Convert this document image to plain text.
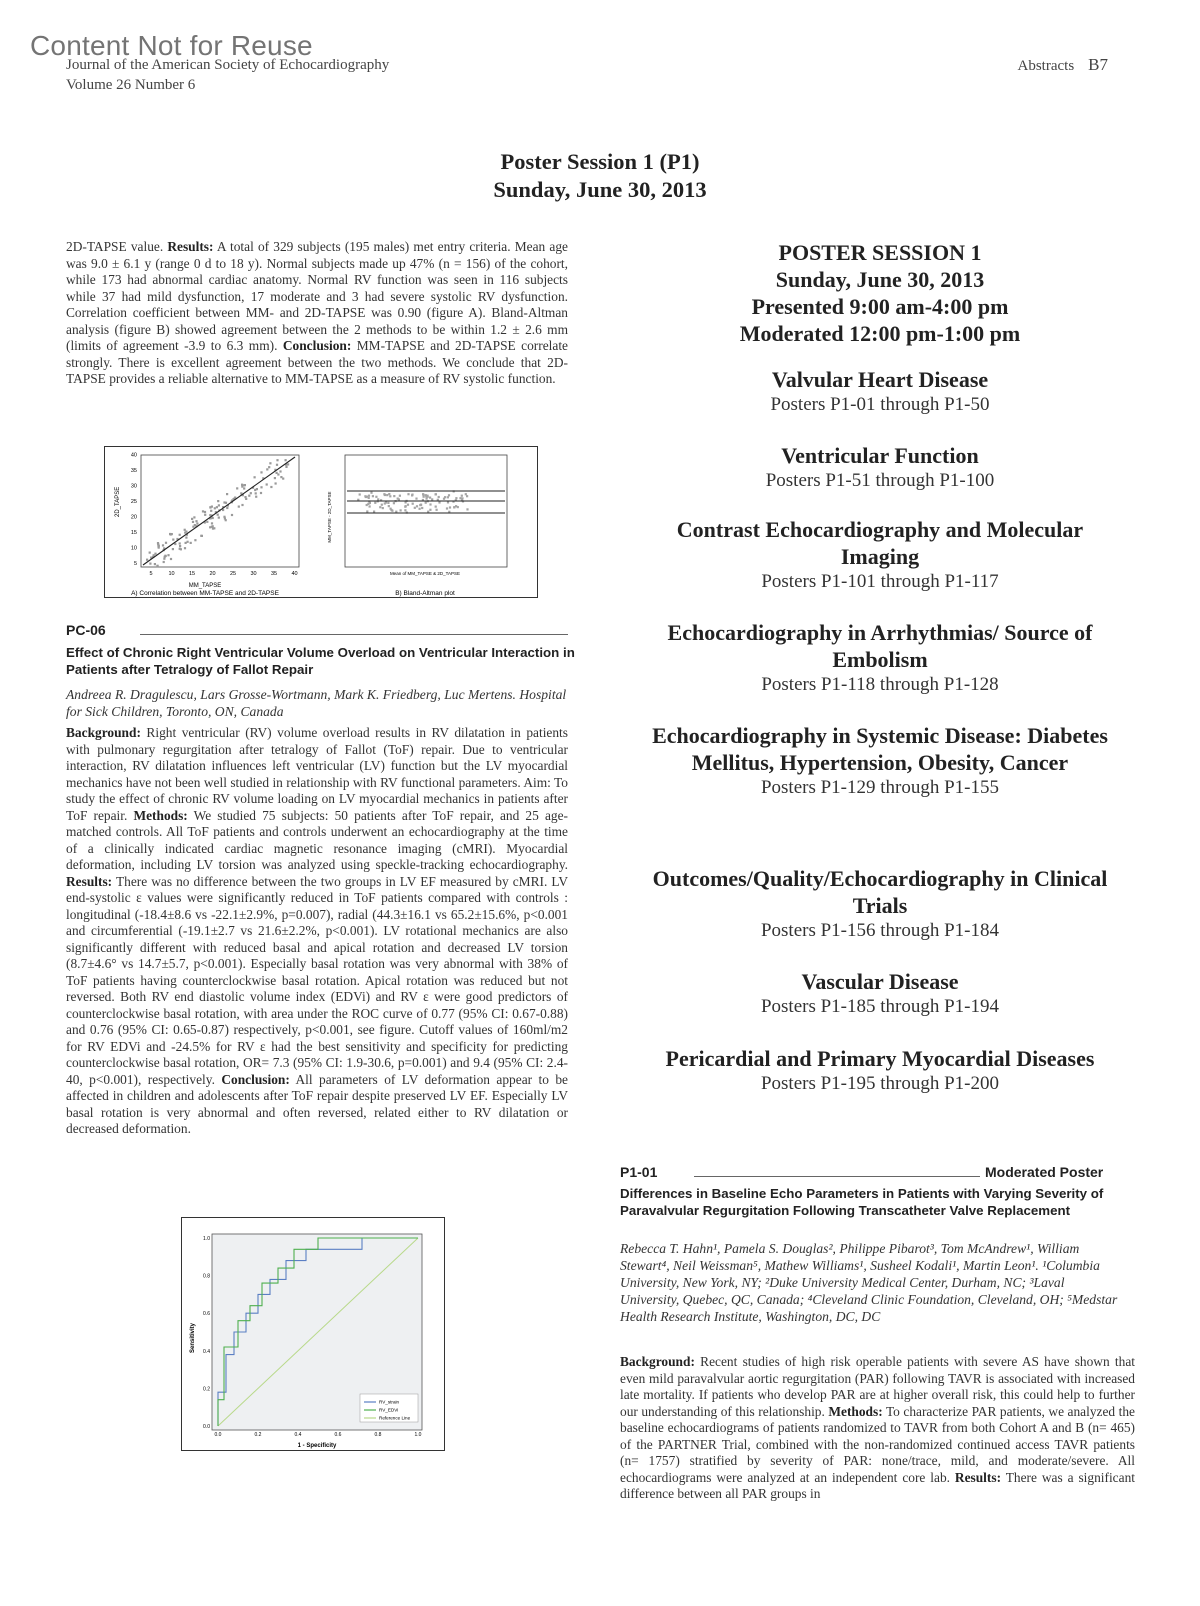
Journal of the American Society of Echocardiography
Volume 26 Number 6
Content Not for Reuse
Abstracts B7
Poster Session 1 (P1)
Sunday, June 30, 2013
2D-TAPSE value. Results: A total of 329 subjects (195 males) met entry criteria. Mean age was 9.0 ± 6.1 y (range 0 d to 18 y). Normal subjects made up 47% (n = 156) of the cohort, while 173 had abnormal cardiac anatomy. Normal RV function was seen in 116 subjects while 37 had mild dysfunction, 17 moderate and 3 had severe systolic RV dysfunction. Correlation coefficient between MM- and 2D-TAPSE was 0.90 (figure A). Bland-Altman analysis (figure B) showed agreement between the 2 methods to be within 1.2 ± 2.6 mm (limits of agreement -3.9 to 6.3 mm). Conclusion: MM-TAPSE and 2D-TAPSE correlate strongly. There is excellent agreement between the two methods. We conclude that 2D-TAPSE provides a reliable alternative to MM-TAPSE as a measure of RV systolic function.
2D_TAPSE
MM_TAPSE
A) Correlation between MM-TAPSE and 2D-TAPSE
5
5
10
10
15
15
20
20
25
25
30
30
35
35
40
40
MM_TAPSE - 2D_TAPSE
Mean of MM_TAPSE & 2D_TAPSE
B) Bland-Altman plot
PC-06
Effect of Chronic Right Ventricular Volume Overload on Ventricular Interaction in Patients after Tetralogy of Fallot Repair
Andreea R. Dragulescu, Lars Grosse-Wortmann, Mark K. Friedberg, Luc Mertens. Hospital for Sick Children, Toronto, ON, Canada
Background: Right ventricular (RV) volume overload results in RV dilatation in patients with pulmonary regurgitation after tetralogy of Fallot (ToF) repair. Due to ventricular interaction, RV dilatation influences left ventricular (LV) function but the LV myocardial mechanics have not been well studied in relationship with RV functional parameters. Aim: To study the effect of chronic RV volume loading on LV myocardial mechanics in patients after ToF repair. Methods: We studied 75 subjects: 50 patients after ToF repair, and 25 age-matched controls. All ToF patients and controls underwent an echocardiography at the time of a clinically indicated cardiac magnetic resonance imaging (cMRI). Myocardial deformation, including LV torsion was analyzed using speckle-tracking echocardiography. Results: There was no difference between the two groups in LV EF measured by cMRI. LV end-systolic ε values were significantly reduced in ToF patients compared with controls : longitudinal (-18.4±8.6 vs -22.1±2.9%, p=0.007), radial (44.3±16.1 vs 65.2±15.6%, p<0.001 and circumferential (-19.1±2.7 vs 21.6±2.2%, p<0.001). LV rotational mechanics are also significantly different with reduced basal and apical rotation and decreased LV torsion (8.7±4.6° vs 14.7±5.7, p<0.001). Especially basal rotation was very abnormal with 38% of ToF patients having counterclockwise basal rotation. Apical rotation was reduced but not reversed. Both RV end diastolic volume index (EDVi) and RV ε were good predictors of counterclockwise basal rotation, with area under the ROC curve of 0.77 (95% CI: 0.67-0.88) and 0.76 (95% CI: 0.65-0.87) respectively, p<0.001, see figure. Cutoff values of 160ml/m2 for RV EDVi and -24.5% for RV ε had the best sensitivity and specificity for predicting counterclockwise basal rotation, OR= 7.3 (95% CI: 1.9-30.6, p=0.001) and 9.4 (95% CI: 2.4-40, p<0.001), respectively. Conclusion: All parameters of LV deformation appear to be affected in children and adolescents after ToF repair despite preserved LV EF. Especially LV basal rotation is very abnormal and often reversed, related either to RV dilatation or decreased deformation.
0.0	0.2	0.4	0.6	0.8	1.0
0.0
0.2
0.4
0.6
0.8
1.0
Sensitivity
1 - Specificity
RV_strain
RV_EDVi
Reference Line
POSTER SESSION 1
Sunday, June 30, 2013
Presented 9:00 am-4:00 pm
Moderated 12:00 pm-1:00 pm
Valvular Heart Disease
Posters P1-01 through P1-50
Ventricular Function
Posters P1-51 through P1-100
Contrast Echocardiography and Molecular Imaging
Posters P1-101 through P1-117
Echocardiography in Arrhythmias/ Source of Embolism
Posters P1-118 through P1-128
Echocardiography in Systemic Disease: Diabetes Mellitus, Hypertension, Obesity, Cancer
Posters P1-129 through P1-155
Outcomes/Quality/Echocardiography in Clinical Trials
Posters P1-156 through P1-184
Vascular Disease
Posters P1-185 through P1-194
Pericardial and Primary Myocardial Diseases
Posters P1-195 through P1-200
P1-01	Moderated Poster
Differences in Baseline Echo Parameters in Patients with Varying Severity of Paravalvular Regurgitation Following Transcatheter Valve Replacement
Rebecca T. Hahn¹, Pamela S. Douglas², Philippe Pibarot³, Tom McAndrew¹, William Stewart⁴, Neil Weissman⁵, Mathew Williams¹, Susheel Kodali¹, Martin Leon¹. ¹Columbia University, New York, NY; ²Duke University Medical Center, Durham, NC; ³Laval University, Quebec, QC, Canada; ⁴Cleveland Clinic Foundation, Cleveland, OH; ⁵Medstar Health Research Institute, Washington, DC, DC
Background: Recent studies of high risk operable patients with severe AS have shown that even mild paravalvular aortic regurgitation (PAR) following TAVR is associated with increased late mortality. If patients who develop PAR are at higher overall risk, this could help to further our understanding of this relationship. Methods: To characterize PAR patients, we analyzed the baseline echocardiograms of patients randomized to TAVR from both Cohort A and B (n= 465) of the PARTNER Trial, combined with the non-randomized continued access TAVR patients (n= 1757) stratified by severity of PAR: none/trace, mild, and moderate/severe. All echocardiograms were analyzed at an independent core lab. Results: There was a significant difference between all PAR groups in
